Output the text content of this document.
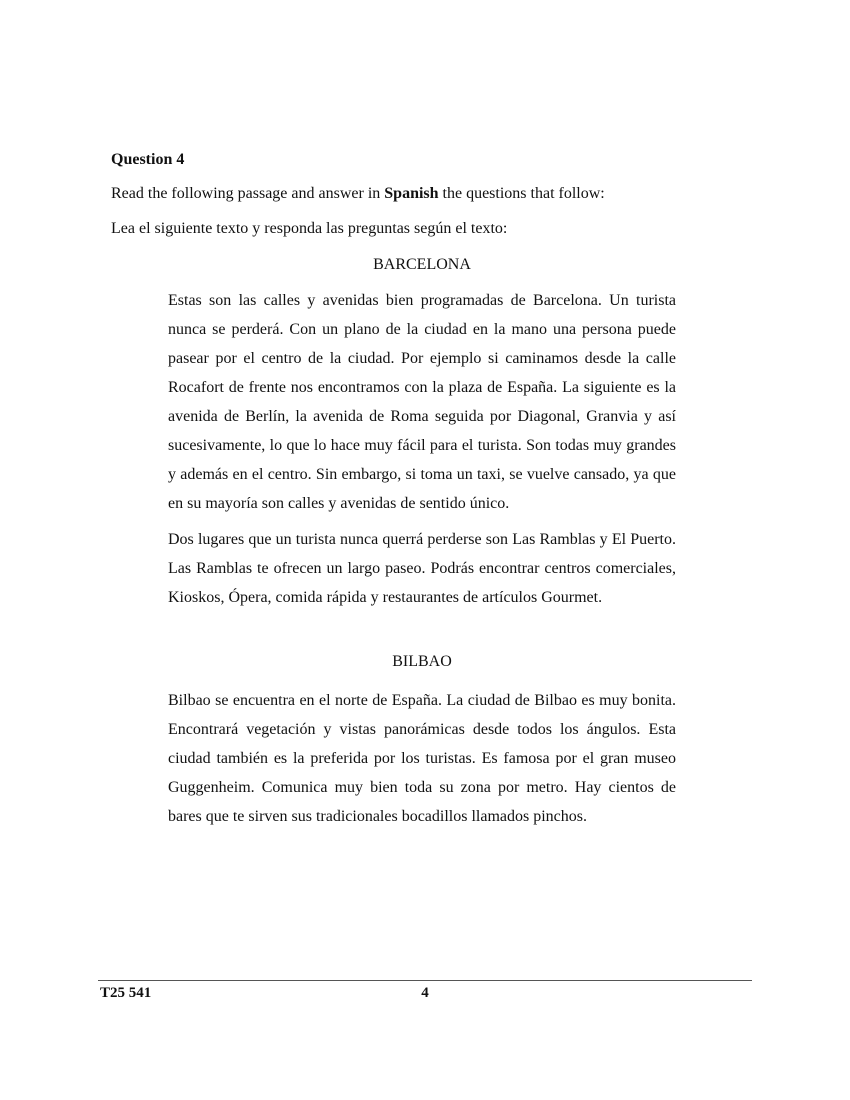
Question 4
Read the following passage and answer in Spanish the questions that follow:
Lea el siguiente texto y responda las preguntas según el texto:
BARCELONA

Estas son las calles y avenidas bien programadas de Barcelona. Un turista nunca se perderá. Con un plano de la ciudad en la mano una persona puede pasear por el centro de la ciudad. Por ejemplo si caminamos desde la calle Rocafort de frente nos encontramos con la plaza de España. La siguiente es la avenida de Berlín, la avenida de Roma seguida por Diagonal, Granvia y así sucesivamente, lo que lo hace muy fácil para el turista. Son todas muy grandes y además en el centro. Sin embargo, si toma un taxi, se vuelve cansado, ya que en su mayoría son calles y avenidas de sentido único.

Dos lugares que un turista nunca querrá perderse son Las Ramblas y El Puerto. Las Ramblas te ofrecen un largo paseo. Podrás encontrar centros comerciales, Kioskos, Ópera, comida rápida y restaurantes de artículos Gourmet.

BILBAO

Bilbao se encuentra en el norte de España. La ciudad de Bilbao es muy bonita. Encontrará vegetación y vistas panorámicas desde todos los ángulos. Esta ciudad también es la preferida por los turistas. Es famosa por el gran museo Guggenheim. Comunica muy bien toda su zona por metro. Hay cientos de bares que te sirven sus tradicionales bocadillos llamados pinchos.

T25 541	4
